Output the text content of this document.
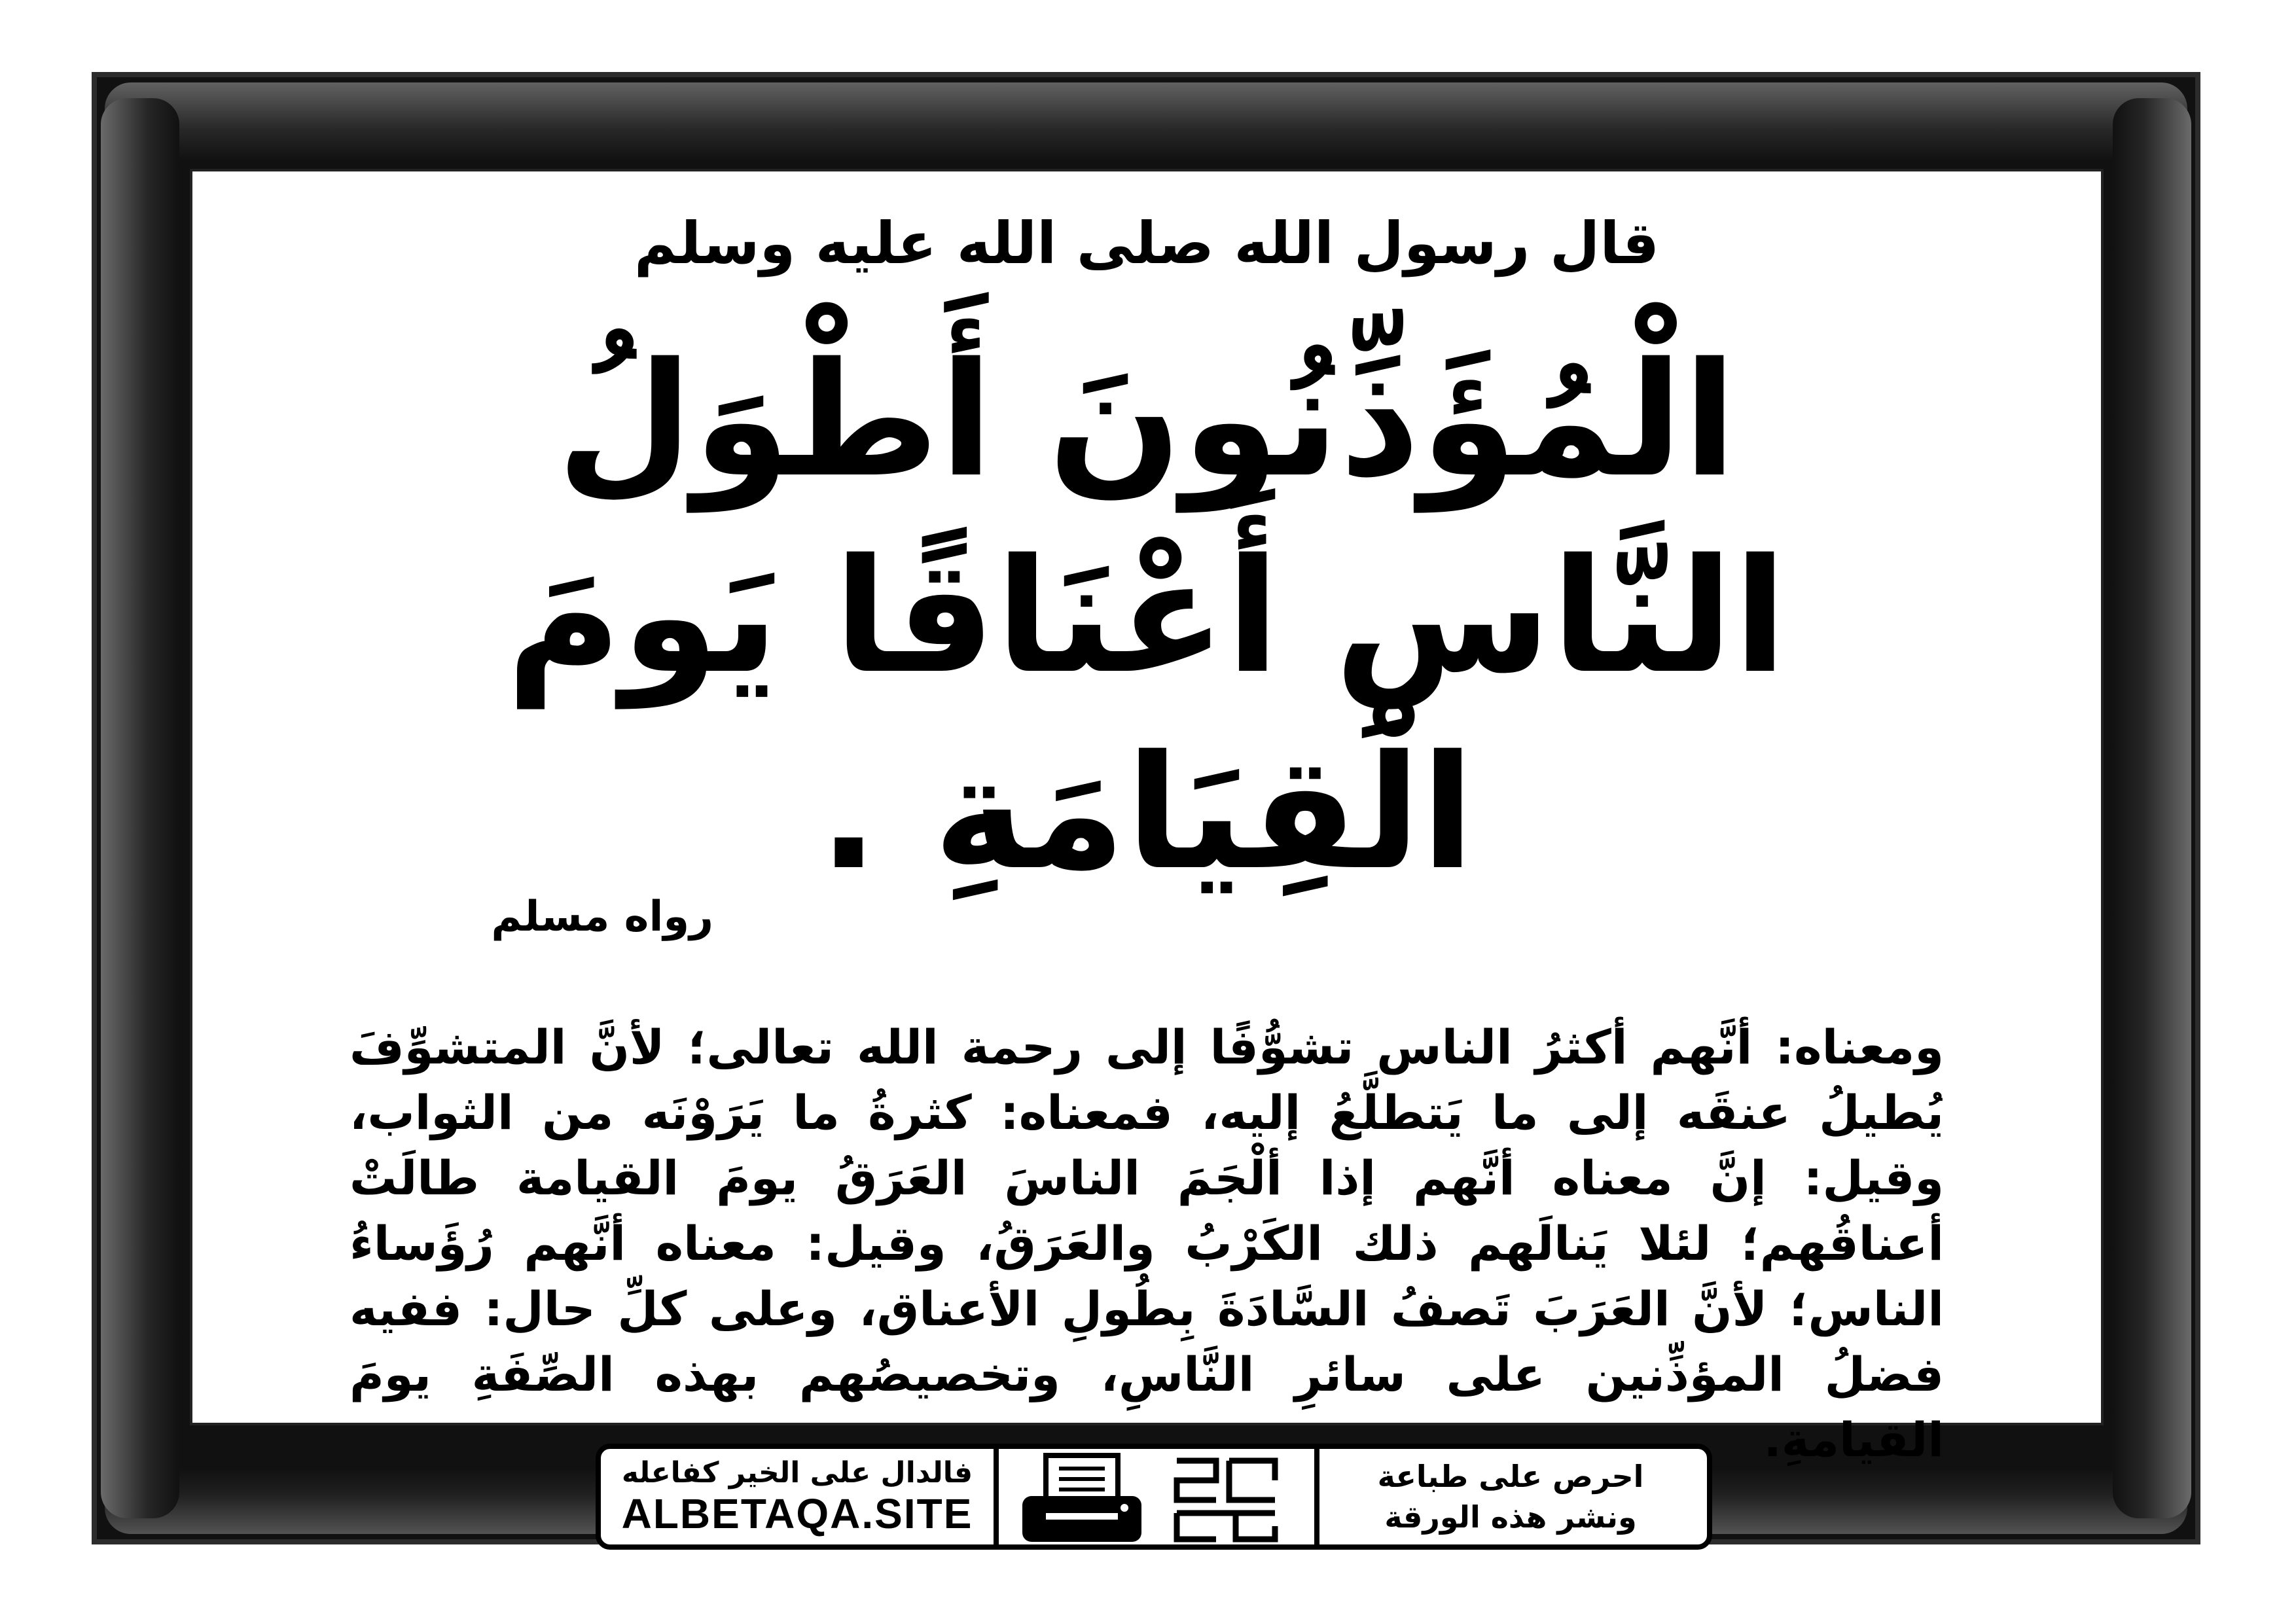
قال رسول الله صلى الله عليه وسلم
الْمُؤَذِّنُونَ أَطْوَلُ النَّاسِ أَعْنَاقًا يَومَ الْقِيَامَةِ .
رواه مسلم
ومعناه: أنَّهم أكثرُ الناس تشوُّفًا إلى رحمة الله تعالى؛ لأنَّ المتشوِّفَ يُطيلُ عنقَه إلى ما يَتطلَّعُ إليه، فمعناه: كثرةُ ما يَرَوْنَه من الثواب، وقيل: إنَّ معناه أنَّهم إذا ألْجَمَ الناسَ العَرَقُ يومَ القيامة طالَتْ أعناقُهم؛ لئلا يَنالَهم ذلك الكَرْبُ والعَرَقُ، وقيل: معناه أنَّهم رُؤَساءُ الناس؛ لأنَّ العَرَبَ تَصفُ السَّادَةَ بِطُولِ الأعناق، وعلى كلِّ حال: ففيه فضلُ المؤذِّنين على سائرِ النَّاسِ، وتخصيصُهم بهذه الصِّفَةِ يومَ القيامةِ.
فالدال على الخير كفاعله
ALBETAQA.SITE
احرص على طباعة
ونشر هذه الورقة
